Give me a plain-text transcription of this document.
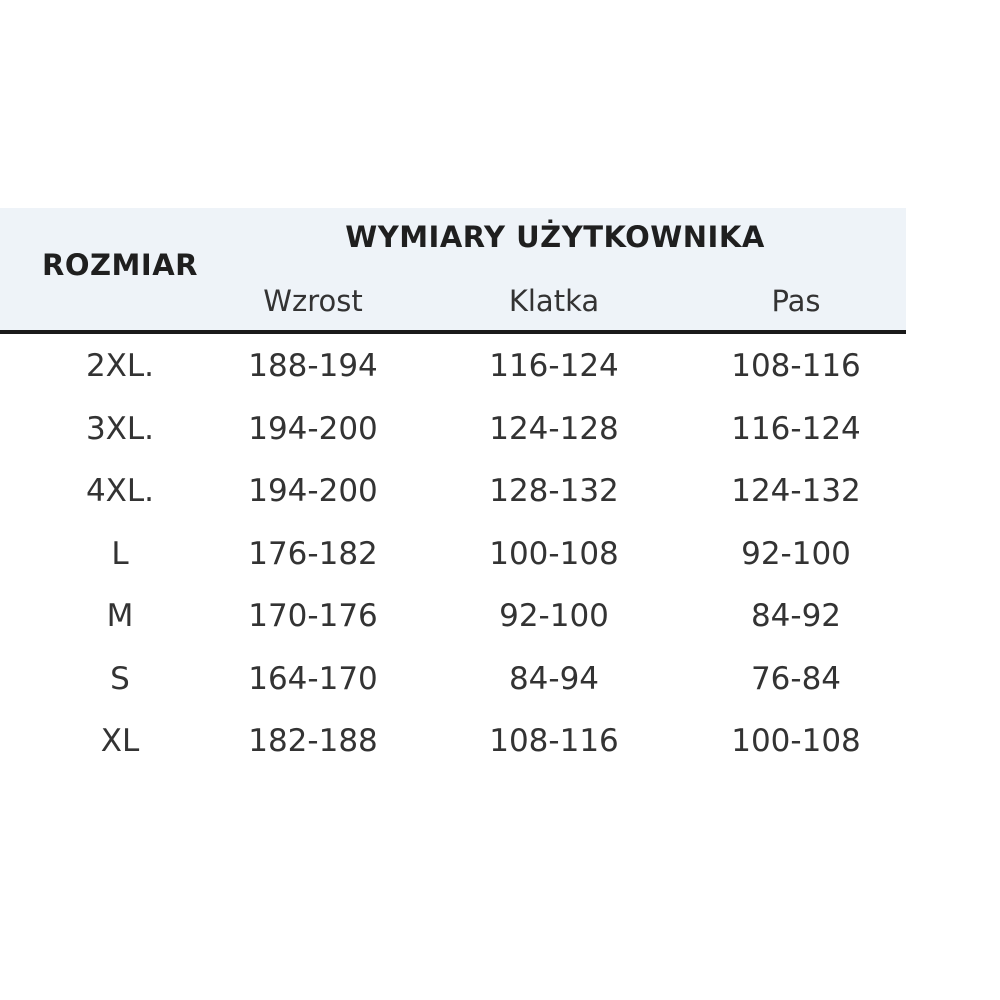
ROZMIAR
WYMIARY UŻYTKOWNIKA
Wzrost	Klatka	Pas
2XL.	188-194	116-124	108-116
3XL.	194-200	124-128	116-124
4XL.	194-200	128-132	124-132
L	176-182	100-108	92-100
M	170-176	92-100	84-92
S	164-170	84-94	76-84
XL	182-188	108-116	100-108
